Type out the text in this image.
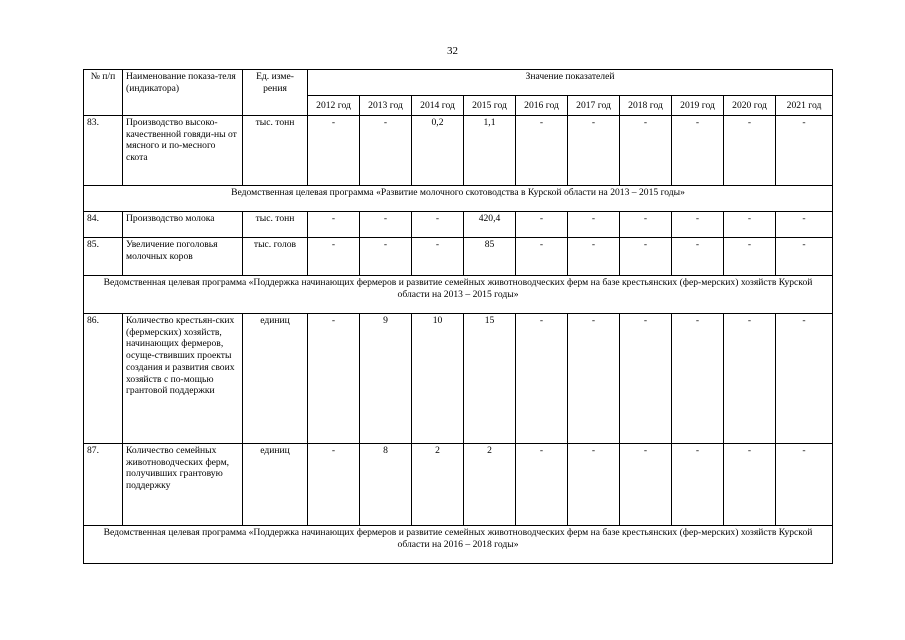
32
№ п/п	Наименование показа-теля (индикатора)	Ед. изме-рения	Значение показателей									
			2012 год	2013 год	2014 год	2015 год	2016 год	2017 год	2018 год	2019 год	2020 год	2021 год
83.	Производство высоко-качественной говяди-ны от мясного и по-месного скота	тыс. тонн	-	-	0,2	1,1	-	-	-	-	-	-
Ведомственная целевая программа «Развитие молочного скотоводства в Курской области на 2013 – 2015 годы»												
84.	Производство молока	тыс. тонн	-	-	-	420,4	-	-	-	-	-	-
85.	Увеличение поголовья молочных коров	тыс. голов	-	-	-	85	-	-	-	-	-	-
Ведомственная целевая программа «Поддержка начинающих фермеров и развитие семейных животноводческих ферм на базе крестьянских (фер-мерских) хозяйств Курской области на 2013 – 2015 годы»												
86.	Количество крестьян-ских (фермерских) хозяйств, начинающих фермеров, осуще-ствивших проекты создания и развития своих хозяйств с по-мощью грантовой поддержки	единиц	-	9	10	15	-	-	-	-	-	-
87.	Количество семейных животноводческих ферм, получивших грантовую поддержку	единиц	-	8	2	2	-	-	-	-	-	-
Ведомственная целевая программа «Поддержка начинающих фермеров и развитие семейных животноводческих ферм на базе крестьянских (фер-мерских) хозяйств Курской области на 2016 – 2018 годы»												
